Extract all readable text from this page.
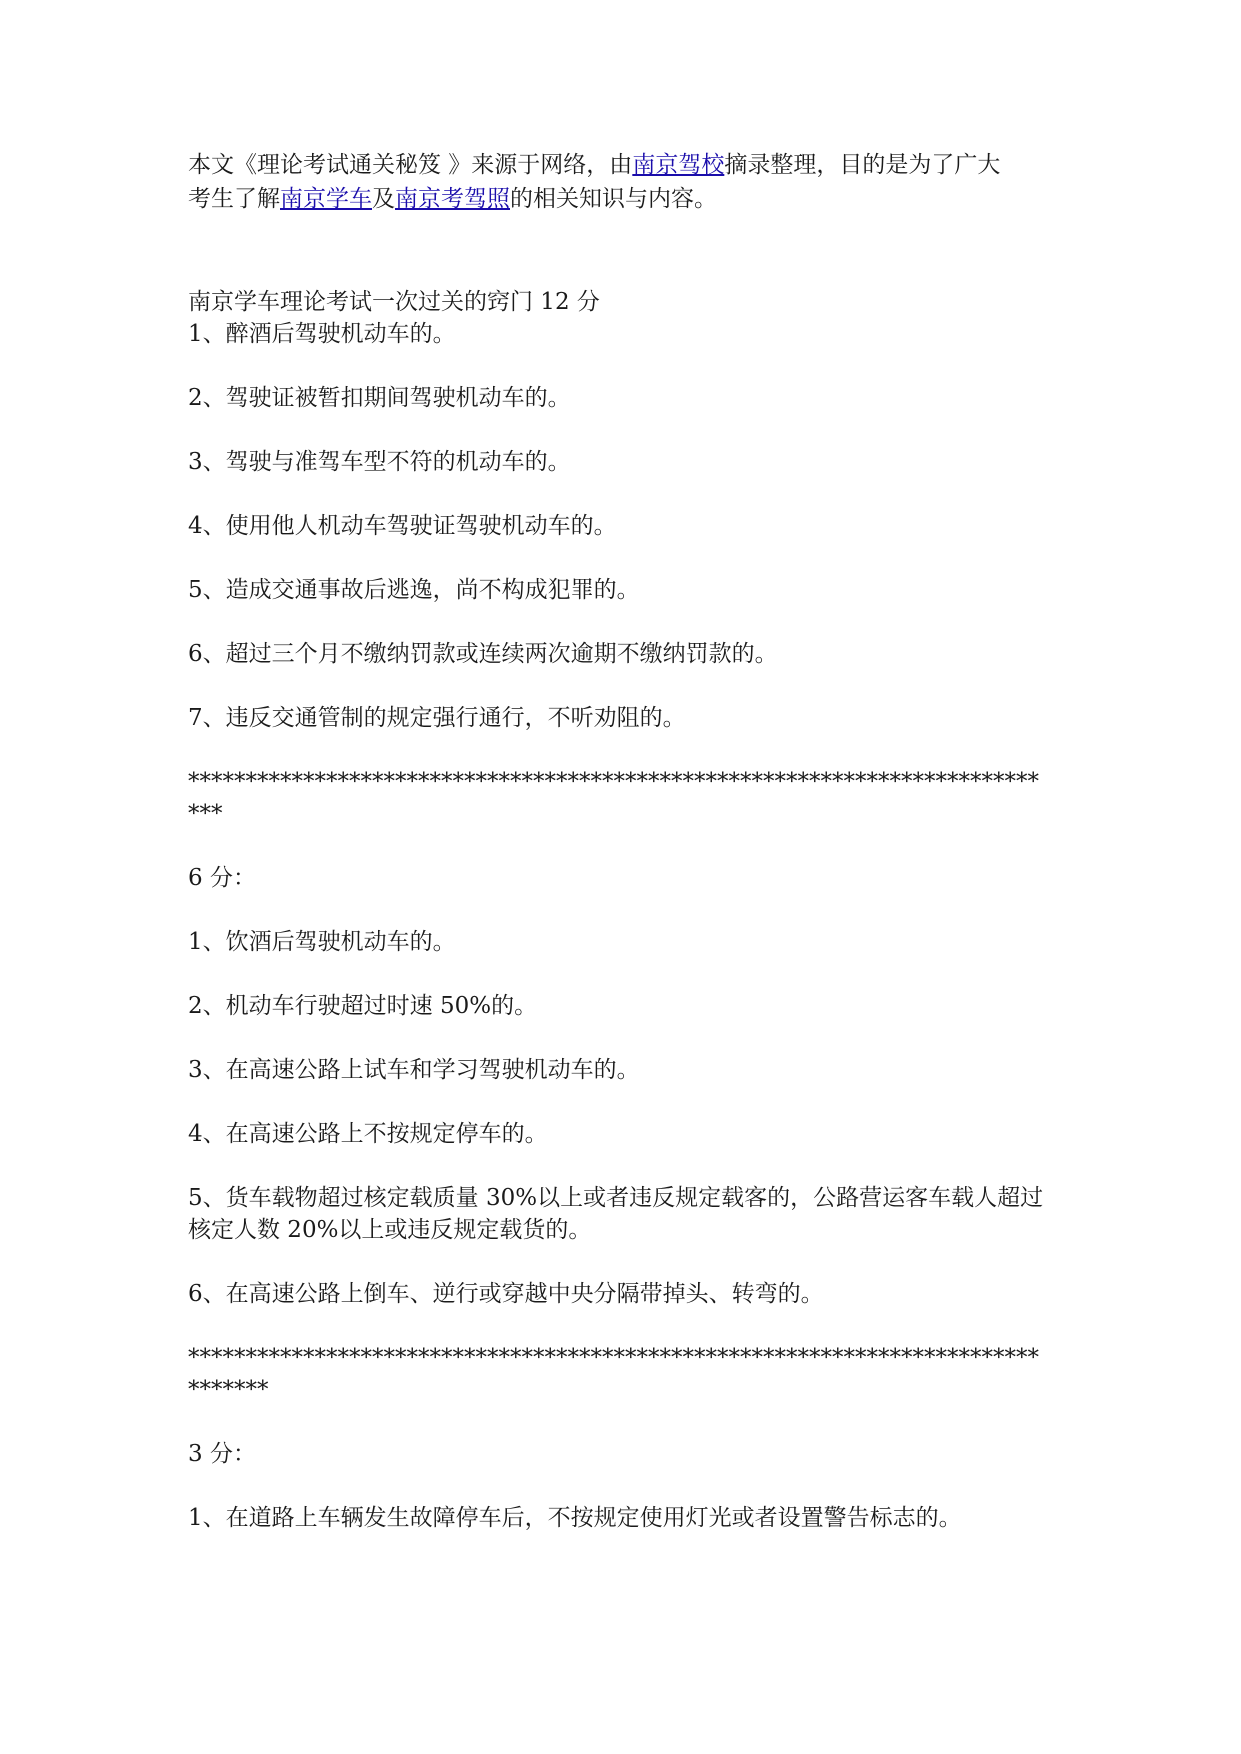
本文《理论考试通关秘笈 》来源于网络，由南京驾校摘录整理，目的是为了广大
考生了解南京学车及南京考驾照的相关知识与内容。

南京学车理论考试一次过关的窍门 12 分
1、醉酒后驾驶机动车的。
2、驾驶证被暂扣期间驾驶机动车的。
3、驾驶与准驾车型不符的机动车的。
4、使用他人机动车驾驶证驾驶机动车的。
5、造成交通事故后逃逸，尚不构成犯罪的。
6、超过三个月不缴纳罚款或连续两次逾期不缴纳罚款的。
7、违反交通管制的规定强行通行，不听劝阻的。
**************************************************************************
***
6 分：
1、饮酒后驾驶机动车的。
2、机动车行驶超过时速 50%的。
3、在高速公路上试车和学习驾驶机动车的。
4、在高速公路上不按规定停车的。
5、货车载物超过核定载质量 30%以上或者违反规定载客的，公路营运客车载人超过核定人数 20%以上或违反规定载货的。
6、在高速公路上倒车、逆行或穿越中央分隔带掉头、转弯的。
**************************************************************************
*******
3 分：
1、在道路上车辆发生故障停车后，不按规定使用灯光或者设置警告标志的。
